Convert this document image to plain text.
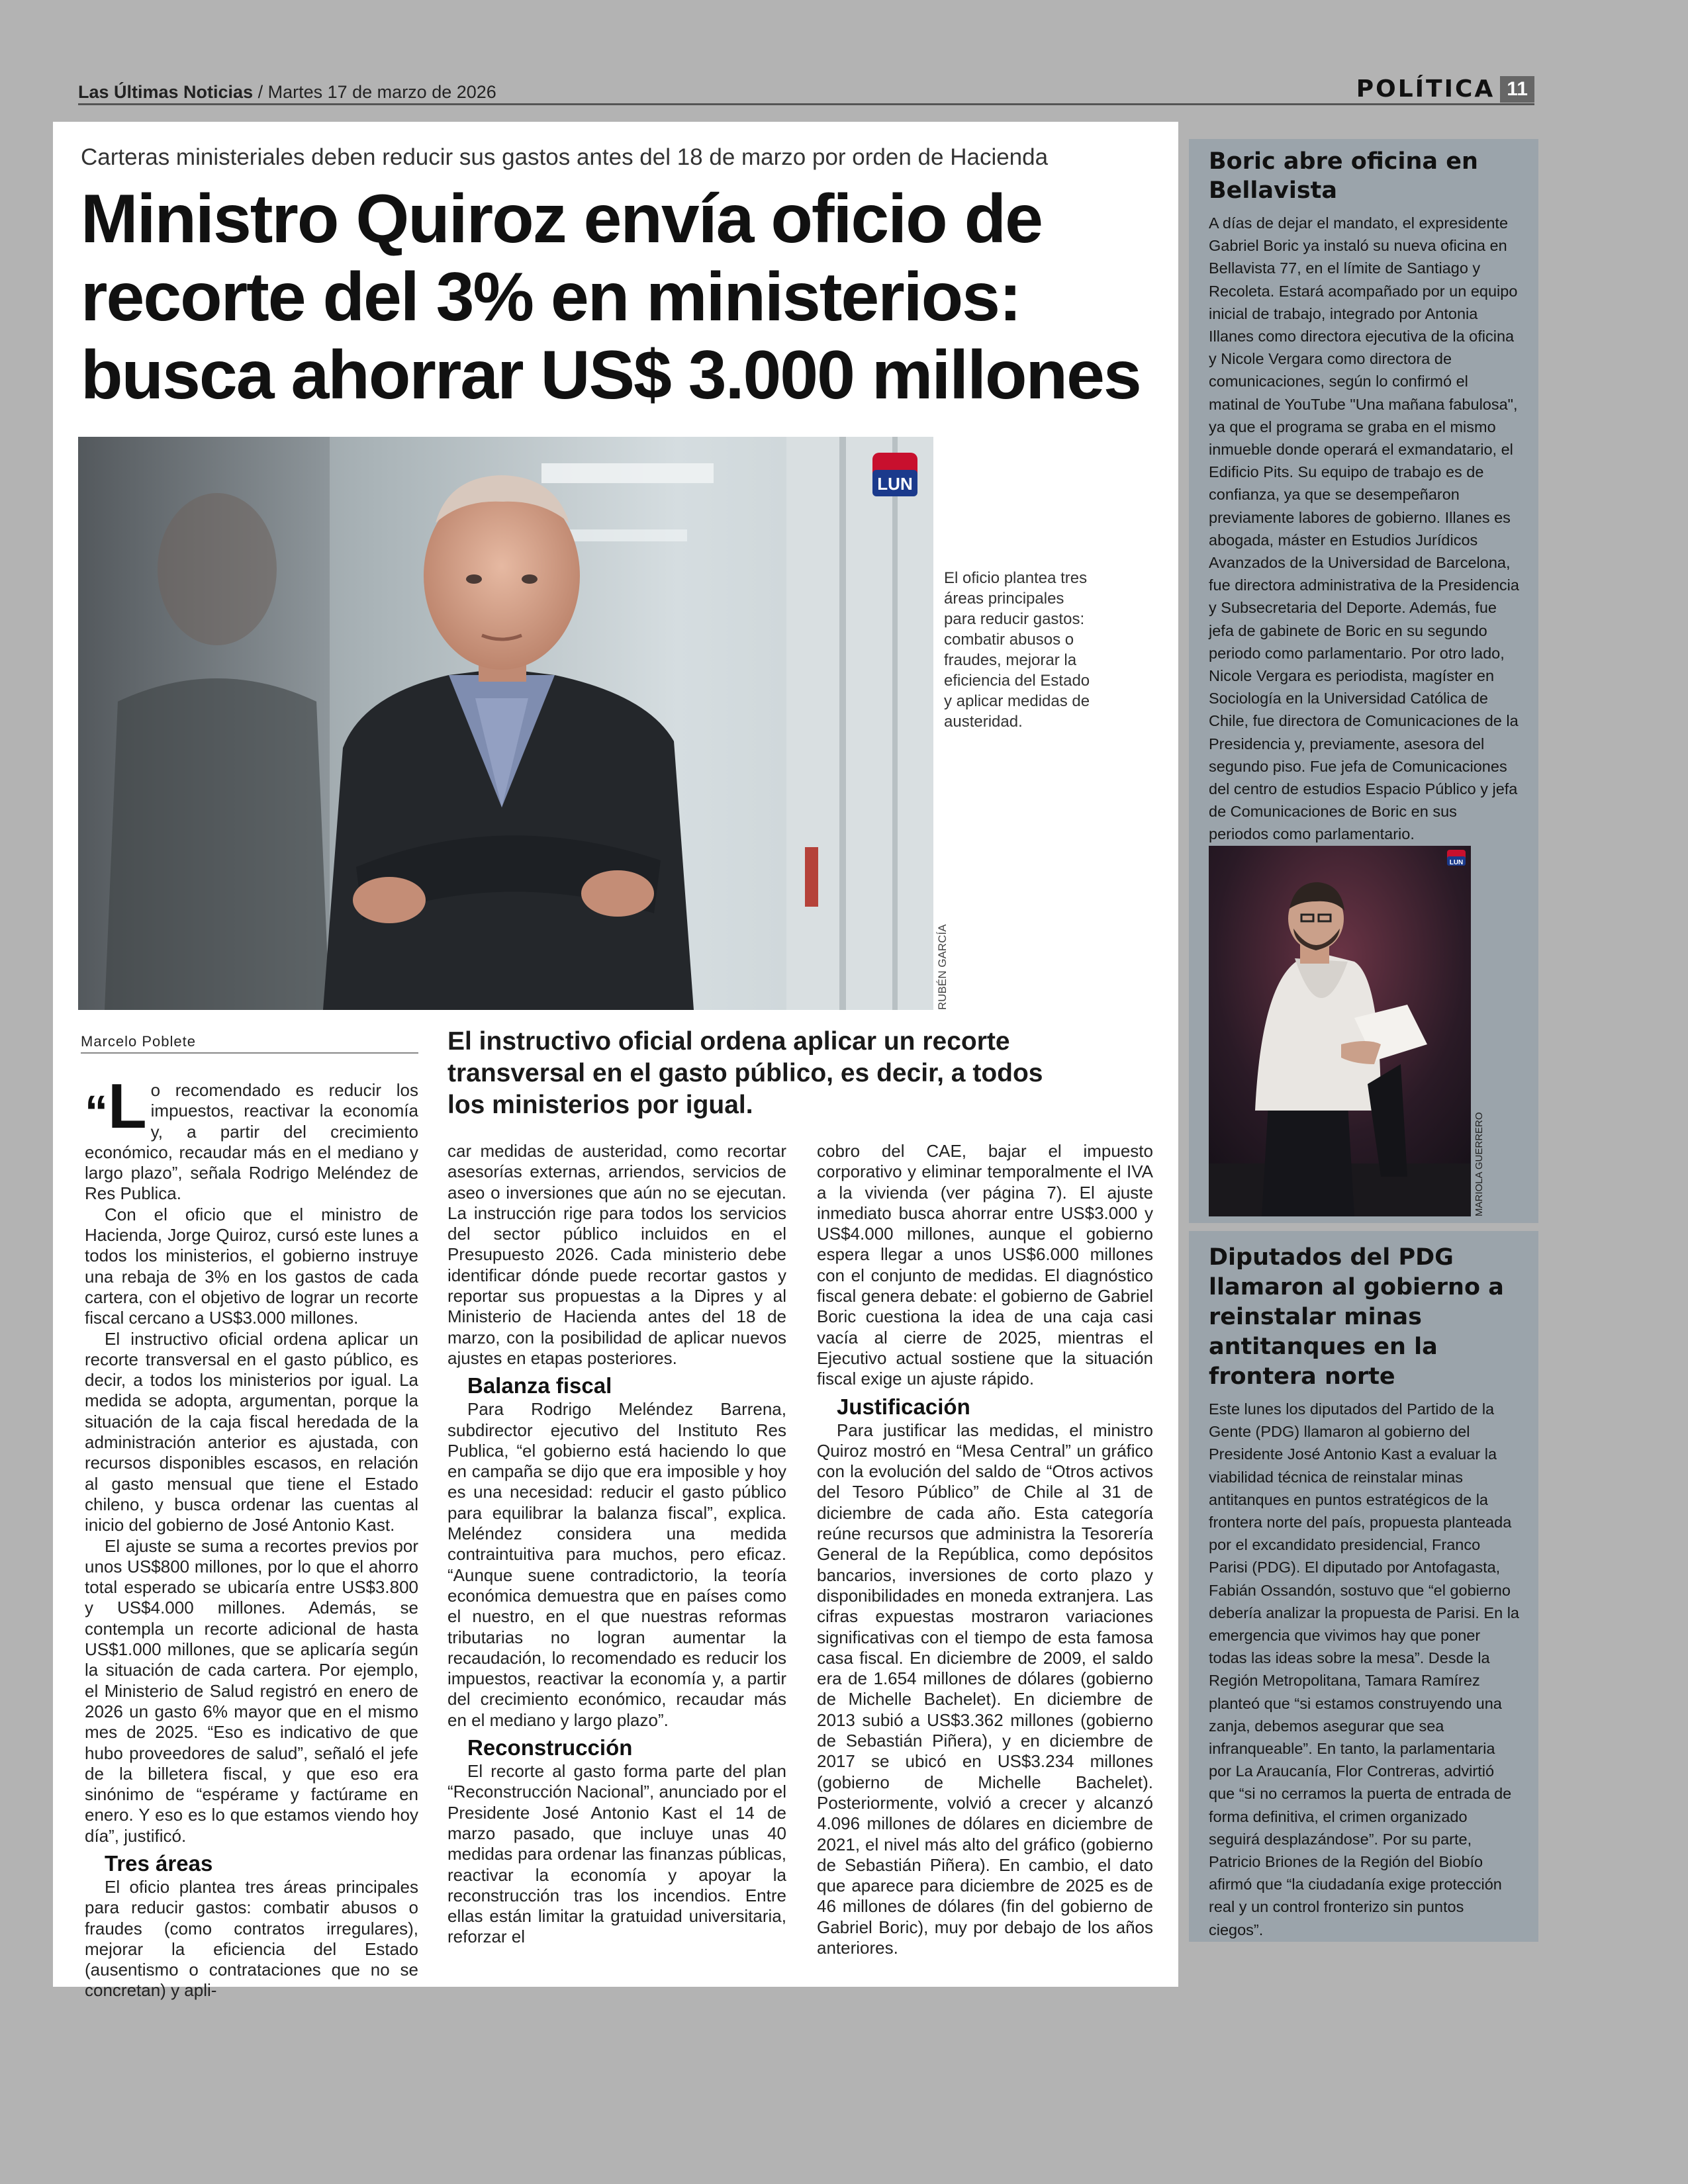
Las Últimas Noticias / Martes 17 de marzo de 2026	POLÍTICA 11
Carteras ministeriales deben reducir sus gastos antes del 18 de marzo por orden de Hacienda
Ministro Quiroz envía oficio de recorte del 3% en ministerios: busca ahorrar US$ 3.000 millones
LUN
RUBÉN GARCÍA
El oficio plantea tres áreas principales para reducir gastos: combatir abusos o fraudes, mejorar la eficiencia del Estado y aplicar medidas de austeridad.
Marcelo Poblete	El instructivo oficial ordena aplicar un recorte transversal en el gasto público, es decir, a todos los ministerios por igual.

“L o recomendado es reducir los impuestos, reactivar la economía y, a partir del crecimiento económico, recaudar más en el mediano y largo plazo”, señala Rodrigo Meléndez de Res Publica.

Con el oficio que el ministro de Hacienda, Jorge Quiroz, cursó este lunes a todos los ministerios, el gobierno instruye una rebaja de 3% en los gastos de cada cartera, con el objetivo de lograr un recorte fiscal cercano a US$3.000 millones.

El instructivo oficial ordena aplicar un recorte transversal en el gasto público, es decir, a todos los ministerios por igual. La medida se adopta, argumentan, porque la situación de la caja fiscal heredada de la administración anterior es ajustada, con recursos disponibles escasos, en relación al gasto mensual que tiene el Estado chileno, y busca ordenar las cuentas al inicio del gobierno de José Antonio Kast.

El ajuste se suma a recortes previos por unos US$800 millones, por lo que el ahorro total esperado se ubicaría entre US$3.800 y US$4.000 millones. Además, se contempla un recorte adicional de hasta US$1.000 millones, que se aplicaría según la situación de cada cartera. Por ejemplo, el Ministerio de Salud registró en enero de 2026 un gasto 6% mayor que en el mismo mes de 2025. “Eso es indicativo de que hubo proveedores de salud”, señaló el jefe de la billetera fiscal, y que eso era sinónimo de “espérame y factúrame en enero. Y eso es lo que estamos viendo hoy día”, justificó.

Tres áreas

El oficio plantea tres áreas principales para reducir gastos: combatir abusos o fraudes (como contratos irregulares), mejorar la eficiencia del Estado (ausentismo o contrataciones que no se concretan) y apli-

car medidas de austeridad, como recortar asesorías externas, arriendos, servicios de aseo o inversiones que aún no se ejecutan. La instrucción rige para todos los servicios del sector público incluidos en el Presupuesto 2026. Cada ministerio debe identificar dónde puede recortar gastos y reportar sus propuestas a la Dipres y al Ministerio de Hacienda antes del 18 de marzo, con la posibilidad de aplicar nuevos ajustes en etapas posteriores.

Balanza fiscal

Para Rodrigo Meléndez Barrena, subdirector ejecutivo del Instituto Res Publica, “el gobierno está haciendo lo que en campaña se dijo que era imposible y hoy es una necesidad: reducir el gasto público para equilibrar la balanza fiscal”, explica. Meléndez considera una medida contraintuitiva para muchos, pero eficaz. “Aunque suene contradictorio, la teoría económica demuestra que en países como el nuestro, en el que nuestras reformas tributarias no logran aumentar la recaudación, lo recomendado es reducir los impuestos, reactivar la economía y, a partir del crecimiento económico, recaudar más en el mediano y largo plazo”.

Reconstrucción

El recorte al gasto forma parte del plan “Reconstrucción Nacional”, anunciado por el Presidente José Antonio Kast el 14 de marzo pasado, que incluye unas 40 medidas para ordenar las finanzas públicas, reactivar la economía y apoyar la reconstrucción tras los incendios. Entre ellas están limitar la gratuidad universitaria, reforzar el

cobro del CAE, bajar el impuesto corporativo y eliminar temporalmente el IVA a la vivienda (ver página 7). El ajuste inmediato busca ahorrar entre US$3.000 y US$4.000 millones, aunque el gobierno espera llegar a unos US$6.000 millones con el conjunto de medidas. El diagnóstico fiscal genera debate: el gobierno de Gabriel Boric cuestiona la idea de una caja casi vacía al cierre de 2025, mientras el Ejecutivo actual sostiene que la situación fiscal exige un ajuste rápido.

Justificación

Para justificar las medidas, el ministro Quiroz mostró en “Mesa Central” un gráfico con la evolución del saldo de “Otros activos del Tesoro Público” de Chile al 31 de diciembre de cada año. Esta categoría reúne recursos que administra la Tesorería General de la República, como depósitos bancarios, inversiones de corto plazo y disponibilidades en moneda extranjera. Las cifras expuestas mostraron variaciones significativas con el tiempo de esta famosa casa fiscal. En diciembre de 2009, el saldo era de 1.654 millones de dólares (gobierno de Michelle Bachelet). En diciembre de 2013 subió a US$3.362 millones (gobierno de Sebastián Piñera), y en diciembre de 2017 se ubicó en US$3.234 millones (gobierno de Michelle Bachelet). Posteriormente, volvió a crecer y alcanzó 4.096 millones de dólares en diciembre de 2021, el nivel más alto del gráfico (gobierno de Sebastián Piñera). En cambio, el dato que aparece para diciembre de 2025 es de 46 millones de dólares (fin del gobierno de Gabriel Boric), muy por debajo de los años anteriores.

Boric abre oficina en Bellavista
A días de dejar el mandato, el expresidente Gabriel Boric ya instaló su nueva oficina en Bellavista 77, en el límite de Santiago y Recoleta. Estará acompañado por un equipo inicial de trabajo, integrado por Antonia Illanes como directora ejecutiva de la oficina y Nicole Vergara como directora de comunicaciones, según lo confirmó el matinal de YouTube "Una mañana fabulosa", ya que el programa se graba en el mismo inmueble donde operará el exmandatario, el Edificio Pits. Su equipo de trabajo es de confianza, ya que se desempeñaron previamente labores de gobierno. Illanes es abogada, máster en Estudios Jurídicos Avanzados de la Universidad de Barcelona, fue directora administrativa de la Presidencia y Subsecretaria del Deporte. Además, fue jefa de gabinete de Boric en su segundo periodo como parlamentario. Por otro lado, Nicole Vergara es periodista, magíster en Sociología en la Universidad Católica de Chile, fue directora de Comunicaciones de la Presidencia y, previamente, asesora del segundo piso. Fue jefa de Comunicaciones del centro de estudios Espacio Público y jefa de Comunicaciones de Boric en sus periodos como parlamentario.
LUN
MARIOLA GUERRERO
Diputados del PDG llamaron al gobierno a reinstalar minas antitanques en la frontera norte
Este lunes los diputados del Partido de la Gente (PDG) llamaron al gobierno del Presidente José Antonio Kast a evaluar la viabilidad técnica de reinstalar minas antitanques en puntos estratégicos de la frontera norte del país, propuesta planteada por el excandidato presidencial, Franco Parisi (PDG). El diputado por Antofagasta, Fabián Ossandón, sostuvo que “el gobierno debería analizar la propuesta de Parisi. En la emergencia que vivimos hay que poner todas las ideas sobre la mesa”. Desde la Región Metropolitana, Tamara Ramírez planteó que “si estamos construyendo una zanja, debemos asegurar que sea infranqueable”. En tanto, la parlamentaria por La Araucanía, Flor Contreras, advirtió que “si no cerramos la puerta de entrada de forma definitiva, el crimen organizado seguirá desplazándose”. Por su parte, Patricio Briones de la Región del Biobío afirmó que “la ciudadanía exige protección real y un control fronterizo sin puntos ciegos”.
